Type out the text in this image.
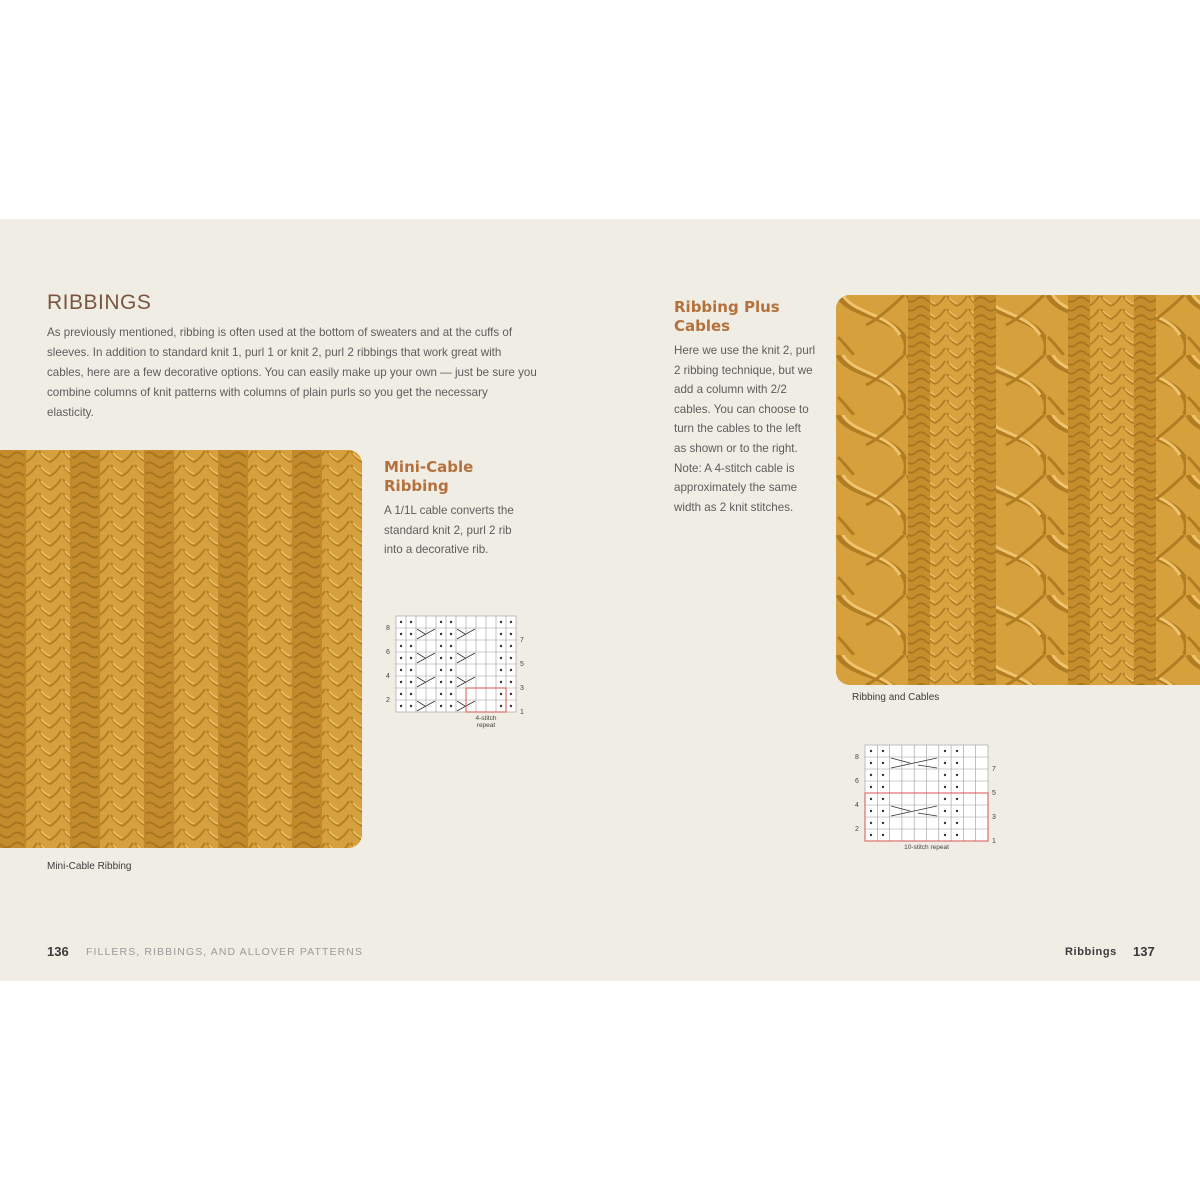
RIBBINGS
As previously mentioned, ribbing is often used at the bottom of sweaters and at the cuffs of sleeves. In addition to standard knit 1, purl 1 or knit 2, purl 2 ribbings that work great with cables, here are a few decorative options. You can easily make up your own — just be sure you combine columns of knit patterns with columns of plain purls so you get the necessary elasticity.
Mini-Cable Ribbing
A 1/1L cable converts the standard knit 2, purl 2 rib into a decorative rib.
8
6
4
2
7
5
3
1
4-stitch repeat
Mini-Cable Ribbing
136 FILLERS, RIBBINGS, AND ALLOVER PATTERNS
Ribbing Plus Cables
Here we use the knit 2, purl 2 ribbing technique, but we add a column with 2/2 cables. You can choose to turn the cables to the left as shown or to the right. Note: A 4-stitch cable is approximately the same width as 2 knit stitches.
Ribbing and Cables
8
6
4
2
7
5
3
1
10-stitch repeat
Ribbings 137
